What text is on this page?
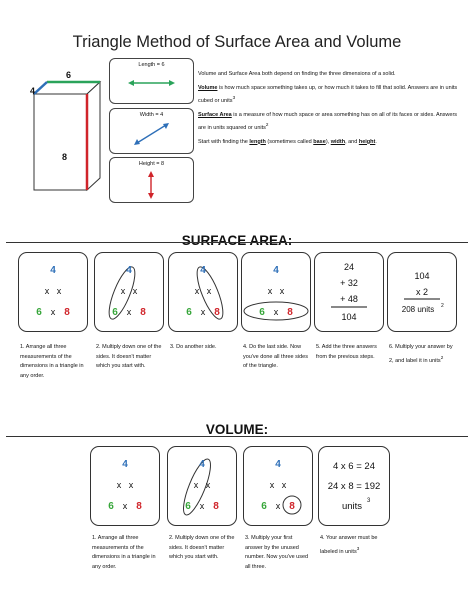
Triangle Method of Surface Area and Volume
6
4
8
Length = 6
Width = 4
Height = 8

Volume and Surface Area both depend on finding the three dimensions of a solid.

Volume is how much space something takes up, or how much it takes to fill that solid. Answers are in units cubed or units$^3$

Surface Area is a measure of how much space or area something has on all of its faces or sides. Answers are in units squared or units$^2$

Start with finding the length (sometimes called base), width, and height.

SURFACE AREA:
4
x x
6 x 8
4
x x
6 x 8
4
x x
6 x 8
4
x x
6 x 8
24
+ 32
+ 48
104
104
x 2
208 units 2
1. Arrange all three measurements of the dimensions in a triangle in any order.
2. Multiply down one of the sides. It doesn't matter which you start with.
3. Do another side.	4. Do the last side. Now you've done all three sides of the triangle.
5. Add the three answers from the previous steps.
6. Multiply your answer by 2, and label it in units$^2$
VOLUME:
4
x x
6 x 8
4
x x
6 x 8
4
x x
6 x 8
4 x 6 = 24
24 x 8 = 192
units 3
1. Arrange all three measurements of the dimensions in a triangle in any order.
2. Multiply down one of the sides. It doesn't matter which you start with.
3. Multiply your first answer by the unused number. Now you've used all three.
4. Your answer must be labeled in units$^3$
